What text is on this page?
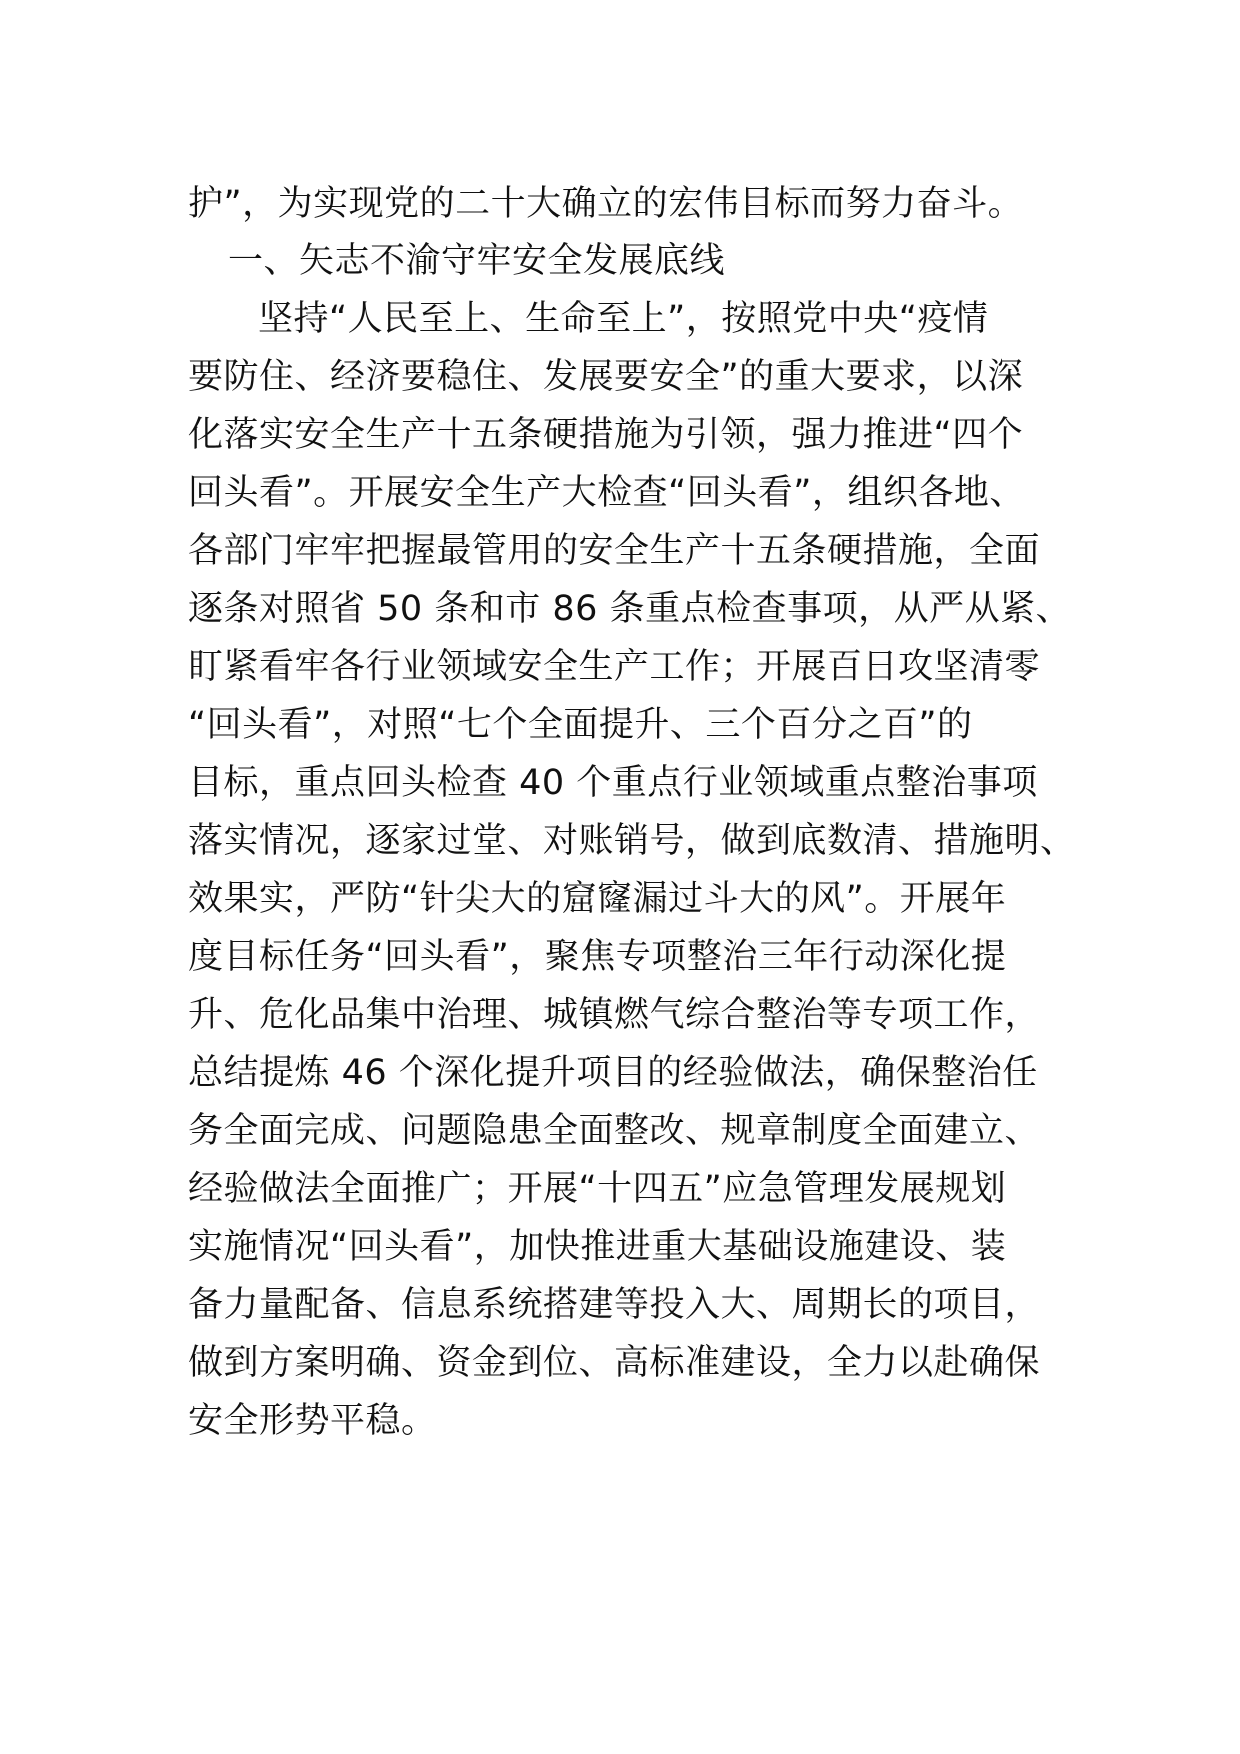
护”，为实现党的二十大确立的宏伟目标而努力奋斗。
一、矢志不渝守牢安全发展底线
坚持“人民至上、生命至上”，按照党中央“疫情
要防住、经济要稳住、发展要安全”的重大要求，以深
化落实安全生产十五条硬措施为引领，强力推进“四个
回头看”。开展安全生产大检查“回头看”，组织各地、
各部门牢牢把握最管用的安全生产十五条硬措施，全面
逐条对照省 50 条和市 86 条重点检查事项，从严从紧、
盯紧看牢各行业领域安全生产工作；开展百日攻坚清零
“回头看”，对照“七个全面提升、三个百分之百”的
目标，重点回头检查 40 个重点行业领域重点整治事项
落实情况，逐家过堂、对账销号，做到底数清、措施明、
效果实，严防“针尖大的窟窿漏过斗大的风”。开展年
度目标任务“回头看”，聚焦专项整治三年行动深化提
升、危化品集中治理、城镇燃气综合整治等专项工作，
总结提炼 46 个深化提升项目的经验做法，确保整治任
务全面完成、问题隐患全面整改、规章制度全面建立、
经验做法全面推广；开展“十四五”应急管理发展规划
实施情况“回头看”，加快推进重大基础设施建设、装
备力量配备、信息系统搭建等投入大、周期长的项目，
做到方案明确、资金到位、高标准建设，全力以赴确保
安全形势平稳。
